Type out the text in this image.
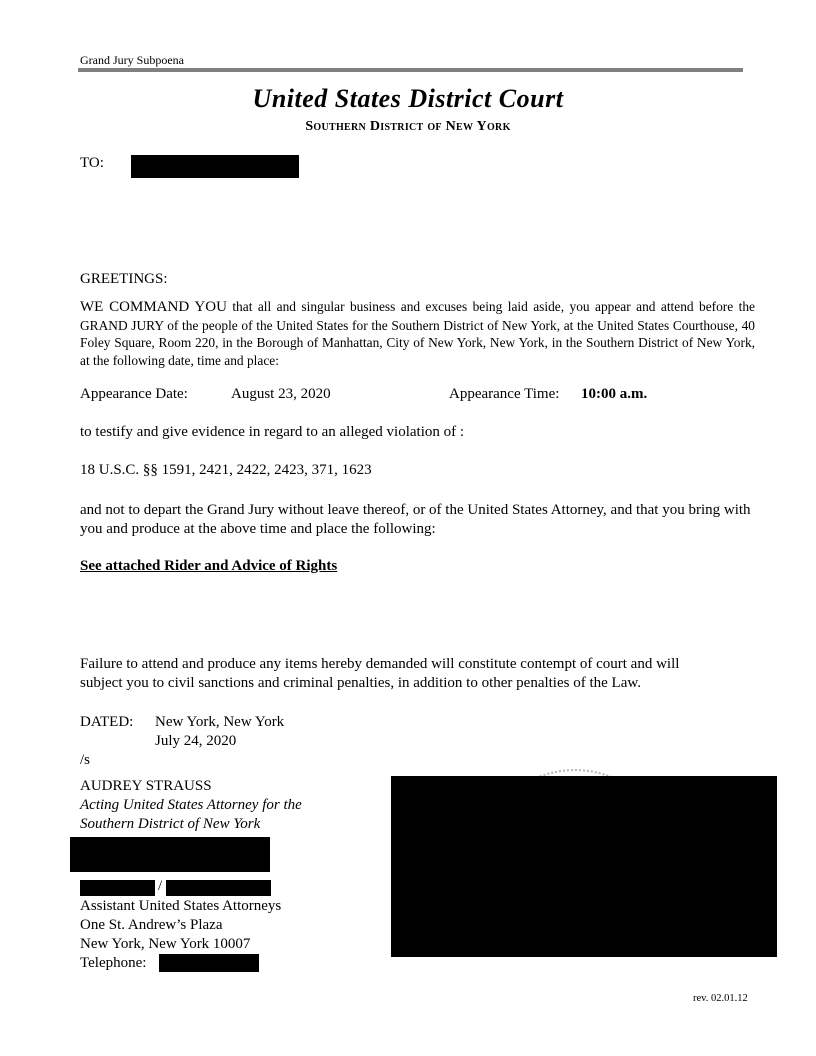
Grand Jury Subpoena
United States District Court
Southern District of New York
TO:
GREETINGS:
WE COMMAND YOU that all and singular business and excuses being laid aside, you appear and attend before the GRAND JURY of the people of the United States for the Southern District of New York, at the United States Courthouse, 40 Foley Square, Room 220, in the Borough of Manhattan, City of New York, New York, in the Southern District of New York, at the following date, time and place:
Appearance Date:	August 23, 2020	Appearance Time: 10:00 a.m.
to testify and give evidence in regard to an alleged violation of :
18 U.S.C. §§ 1591, 2421, 2422, 2423, 371, 1623
and not to depart the Grand Jury without leave thereof, or of the United States Attorney, and that you bring with you and produce at the above time and place the following:
See attached Rider and Advice of Rights
Failure to attend and produce any items hereby demanded will constitute contempt of court and will
subject you to civil sanctions and criminal penalties, in addition to other penalties of the Law.
DATED: New York, New York
July 24, 2020
/s
AUDREY STRAUSS
Acting United States Attorney for the
Southern District of New York
/
Assistant United States Attorneys
One St. Andrew’s Plaza
New York, New York 10007
Telephone:
rev. 02.01.12
